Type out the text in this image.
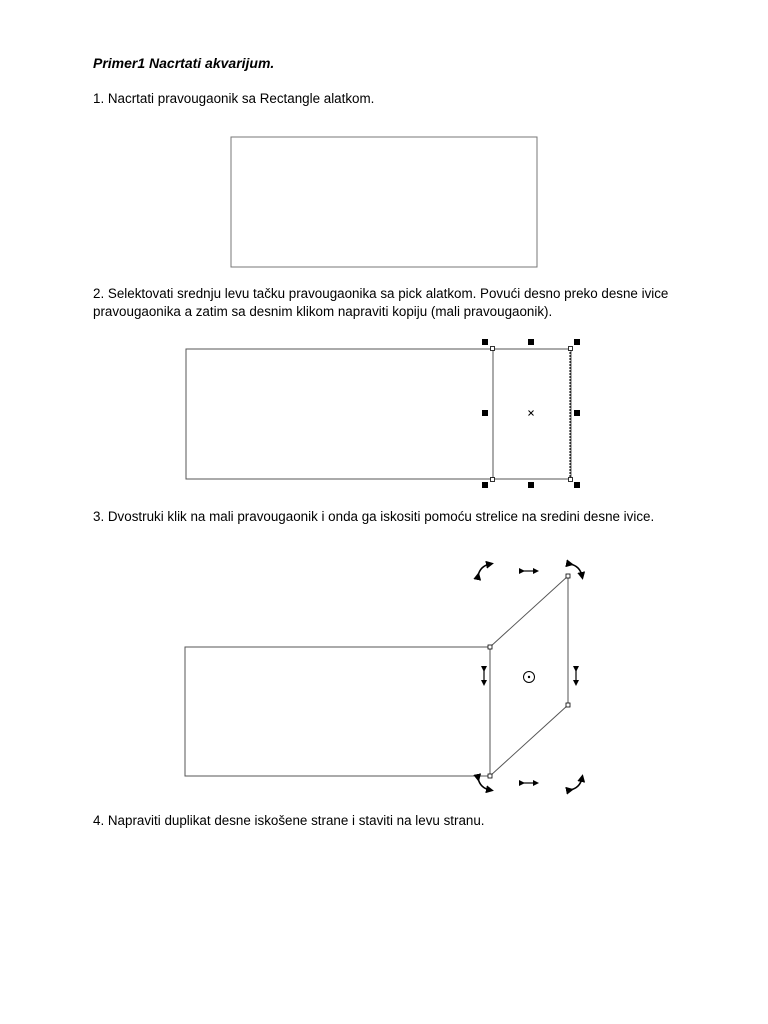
Primer1 Nacrtati akvarijum.
1. Nacrtati pravougaonik sa Rectangle alatkom.
2. Selektovati srednju levu tačku pravougaonika sa pick alatkom. Povući desno preko desne ivice pravougaonika a zatim sa desnim klikom napraviti kopiju (mali pravougaonik).
3. Dvostruki klik na mali pravougaonik i onda ga iskositi pomoću strelice na sredini desne ivice.
4. Napraviti duplikat desne iskošene strane i staviti na levu stranu.
